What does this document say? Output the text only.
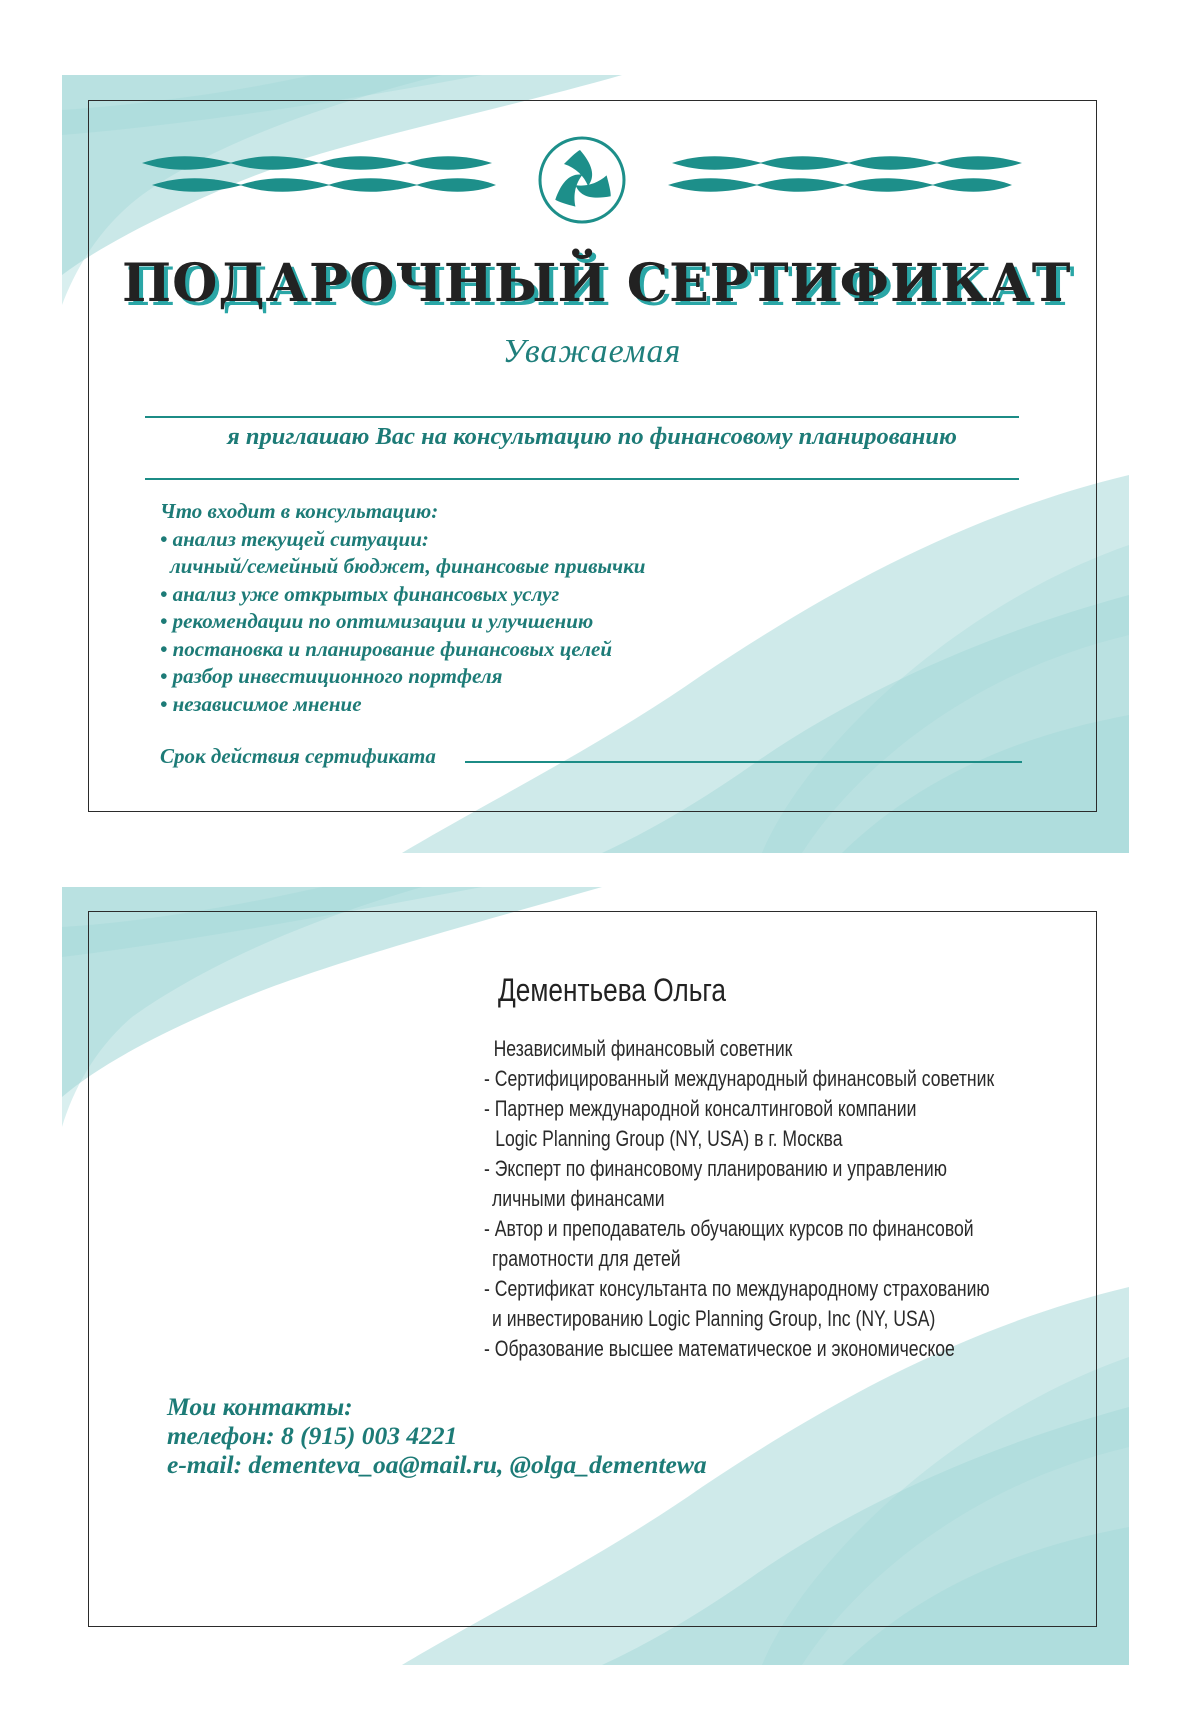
ПОДАРОЧНЫЙ СЕРТИФИКАТ
Уважаемая
я приглашаю Вас на консультацию по финансовому планированию
Что входит в консультацию:
• анализ текущей ситуации:
личный/семейный бюджет, финансовые привычки
• анализ уже открытых финансовых услуг
• рекомендации по оптимизации и улучшению
• постановка и планирование финансовых целей
• разбор инвестиционного портфеля
• независимое мнение
Срок действия сертификата
Дементьева Ольга
Независимый финансовый советник
- Сертифицированный международный финансовый советник
- Партнер международной консалтинговой компании
Logic Planning Group (NY, USA) в г. Москва
- Эксперт по финансовому планированию и управлению
личными финансами
- Автор и преподаватель обучающих курсов по финансовой
грамотности для детей
- Сертификат консультанта по международному страхованию
и инвестированию Logic Planning Group, Inc (NY, USA)
- Образование высшее математическое и экономическое
Мои контакты:
телефон: 8 (915) 003 4221
e-mail: dementeva_oa@mail.ru, @olga_dementewa
